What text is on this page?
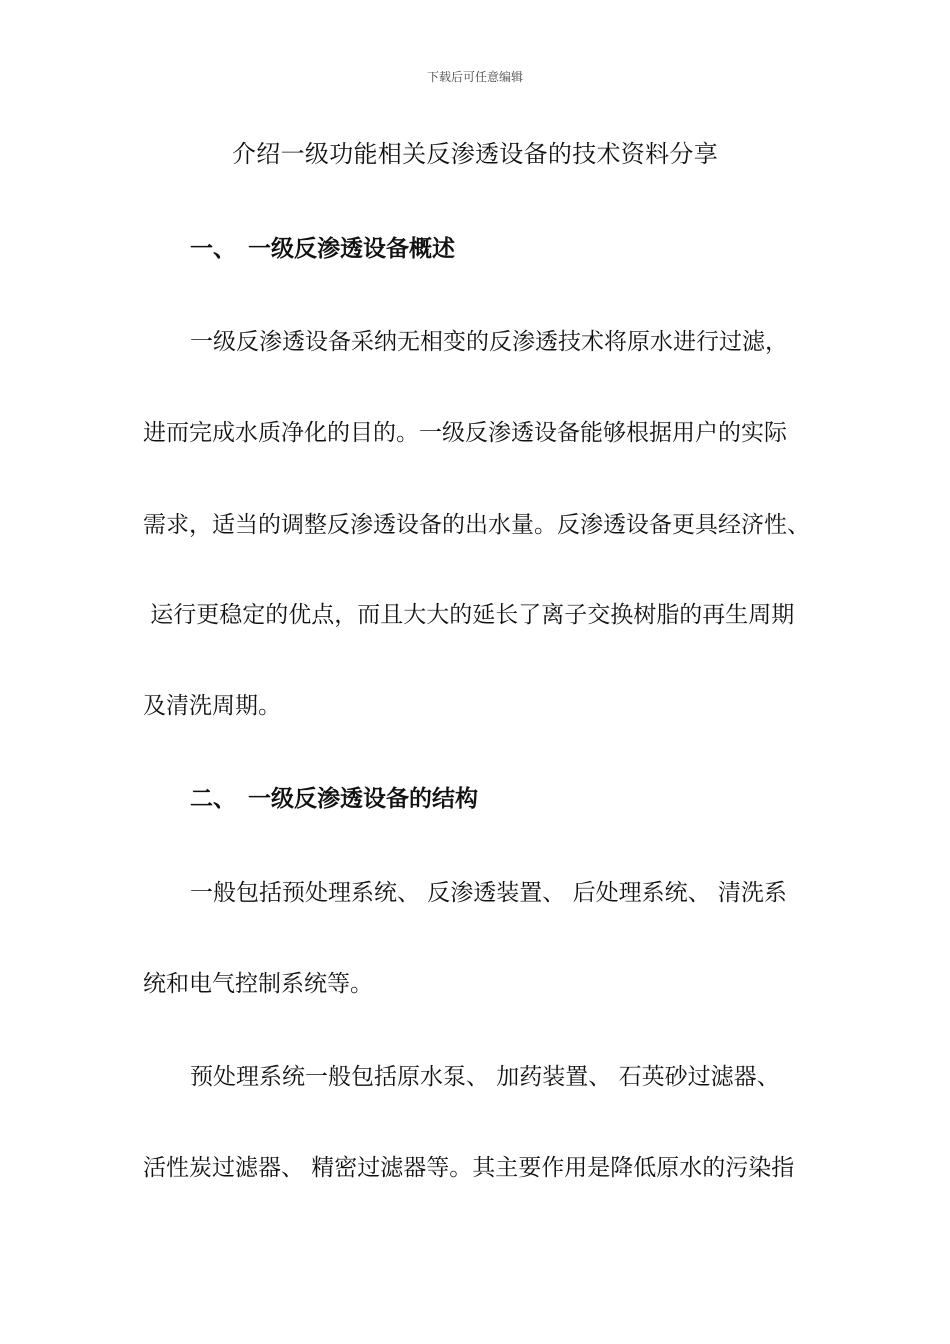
下载后可任意编辑
介绍一级功能相关反渗透设备的技术资料分享
一、 一级反渗透设备概述

一级反渗透设备采纳无相变的反渗透技术将原水进行过滤，

进而完成水质净化的目的。一级反渗透设备能够根据用户的实际

需求，适当的调整反渗透设备的出水量。反渗透设备更具经济性、

运行更稳定的优点，而且大大的延长了离子交换树脂的再生周期

及清洗周期。

二、 一级反渗透设备的结构

一般包括预处理系统、 反渗透装置、 后处理系统、 清洗系

统和电气控制系统等。

预处理系统一般包括原水泵、 加药装置、 石英砂过滤器、

活性炭过滤器、 精密过滤器等。其主要作用是降低原水的污染指
